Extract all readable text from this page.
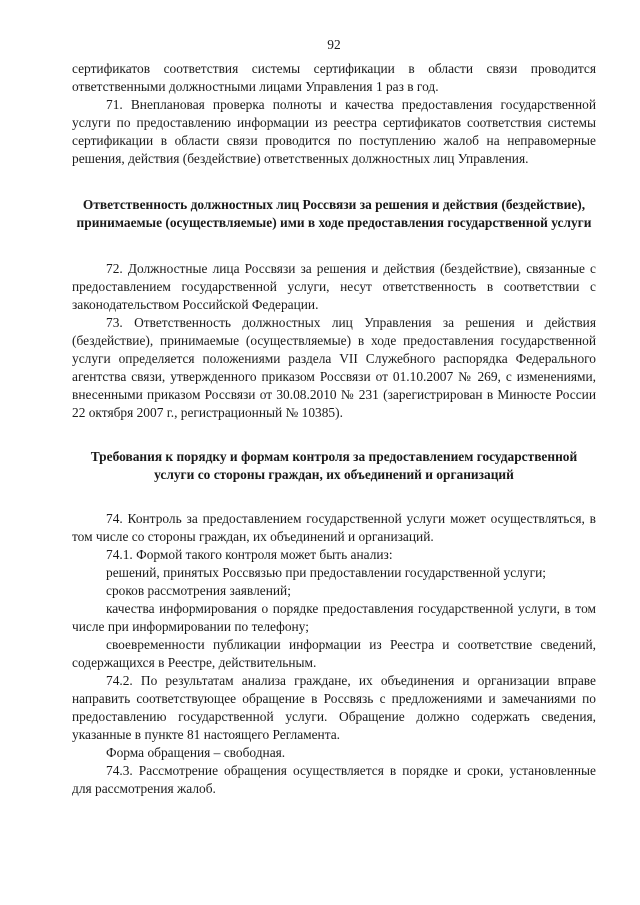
92

сертификатов соответствия системы сертификации в области связи проводится ответственными должностными лицами Управления 1 раз в год.

71. Внеплановая проверка полноты и качества предоставления государственной услуги по предоставлению информации из реестра сертификатов соответствия системы сертификации в области связи проводится по поступлению жалоб на неправомерные решения, действия (бездействие) ответственных должностных лиц Управления.

Ответственность должностных лиц Россвязи за решения и действия (бездействие), принимаемые (осуществляемые) ими в ходе предоставления государственной услуги

72. Должностные лица Россвязи за решения и действия (бездействие), связанные с предоставлением государственной услуги, несут ответственность в соответствии с законодательством Российской Федерации.

73. Ответственность должностных лиц Управления за решения и действия (бездействие), принимаемые (осуществляемые) в ходе предоставления государственной услуги определяется положениями раздела VII Служебного распорядка Федерального агентства связи, утвержденного приказом Россвязи от 01.10.2007 № 269, с изменениями, внесенными приказом Россвязи от 30.08.2010 № 231 (зарегистрирован в Минюсте России 22 октября 2007 г., регистрационный № 10385).

Требования к порядку и формам контроля за предоставлением государственной услуги со стороны граждан, их объединений и организаций

74. Контроль за предоставлением государственной услуги может осуществляться, в том числе со стороны граждан, их объединений и организаций.

74.1. Формой такого контроля может быть анализ:

решений, принятых Россвязью при предоставлении государственной услуги;

сроков рассмотрения заявлений;

качества информирования о порядке предоставления государственной услуги, в том числе при информировании по телефону;

своевременности публикации информации из Реестра и соответствие сведений, содержащихся в Реестре, действительным.

74.2. По результатам анализа граждане, их объединения и организации вправе направить соответствующее обращение в Россвязь с предложениями и замечаниями по предоставлению государственной услуги. Обращение должно содержать сведения, указанные в пункте 81 настоящего Регламента.

Форма обращения – свободная.

74.3. Рассмотрение обращения осуществляется в порядке и сроки, установленные для рассмотрения жалоб.
